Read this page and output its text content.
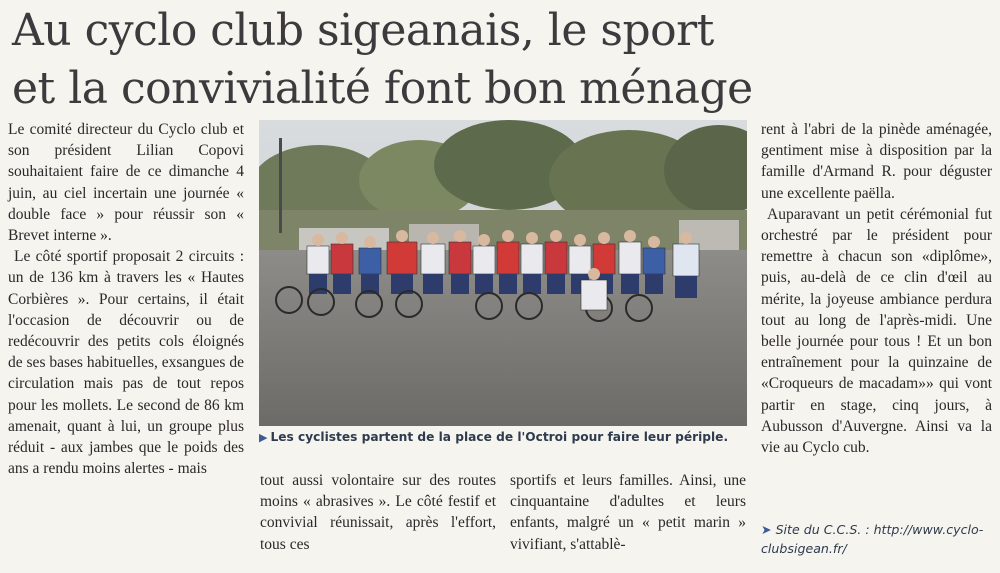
Au cyclo club sigeanais, le sport
et la convivialité font bon ménage

Le comité directeur du Cyclo club et son président Lilian Copovi souhaitaient faire de ce dimanche 4 juin, au ciel incertain une journée « double face » pour réussir son « Brevet interne ».

Le côté sportif proposait 2 circuits : un de 136 km à travers les « Hautes Corbières ». Pour certains, il était l'occasion de découvrir ou de redécouvrir des petits cols éloignés de ses bases habituelles, exsangues de circulation mais pas de tout repos pour les mollets. Le second de 86 km amenait, quant à lui, un groupe plus réduit - aux jambes que le poids des ans a rendu moins alertes - mais

▶ Les cyclistes partent de la place de l'Octroi pour faire leur périple.

tout aussi volontaire sur des routes moins « abrasives ». Le côté festif et convivial réunissait, après l'effort, tous ces

sportifs et leurs familles. Ainsi, une cinquantaine d'adultes et leurs enfants, malgré un « petit marin » vivifiant, s'attablè-

rent à l'abri de la pinède aménagée, gentiment mise à disposition par la famille d'Armand R. pour déguster une excellente paëlla.

Auparavant un petit cérémonial fut orchestré par le président pour remettre à chacun son «diplôme», puis, au-delà de ce clin d'œil au mérite, la joyeuse ambiance perdura tout au long de l'après-midi. Une belle journée pour tous ! Et un bon entraînement pour la quinzaine de «Croqueurs de macadam»» qui vont partir en stage, cinq jours, à Aubusson d'Auvergne. Ainsi va la vie au Cyclo cub.

➤ Site du C.C.S. : http://www.cycloclubsigean.fr/
